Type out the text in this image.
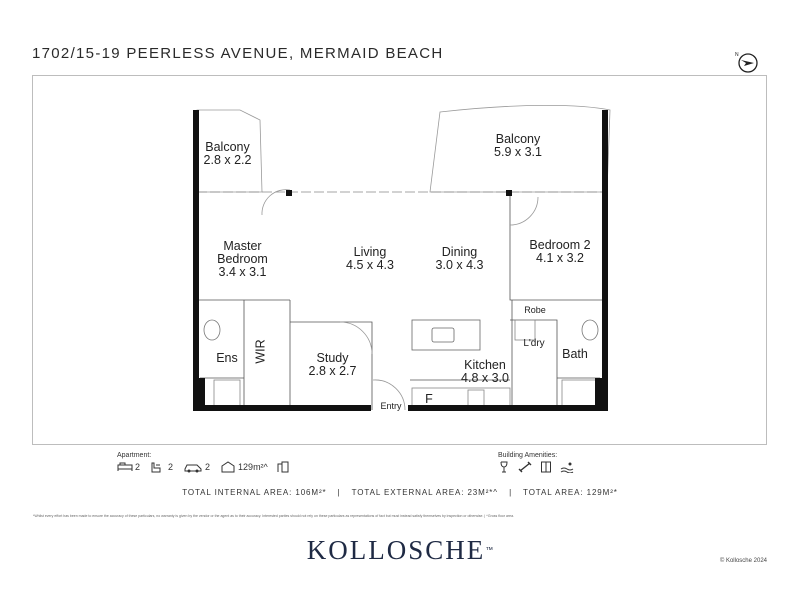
1702/15-19 PEERLESS AVENUE, MERMAID BEACH	N
Balcony
2.8 x 2.2
Balcony
5.9 x 3.1

Master
Bedroom
3.4 x 3.1

Living
4.5 x 4.3
Dining
3.0 x 4.3
Bedroom 2
4.1 x 3.2
Study
2.8 x 2.7	Kitchen
4.8 x 3.0
Ens	WIR
Robe
L'dry
Bath
Entry	F
Apartment:
2	2	2	129m²^
Building Amenities:
TOTAL INTERNAL AREA: 106M²* | TOTAL EXTERNAL AREA: 23M²*^ | TOTAL AREA: 129M²*
*Whilst every effort has been made to ensure the accuracy of these particulars, no warranty is given by the vendor or the agent as to their accuracy. Interested parties should not rely on these particulars as representations of fact but must instead satisfy themselves by inspection or otherwise. | ^Gross floor area.
KOLLOSCHE™
© Kollosche 2024
